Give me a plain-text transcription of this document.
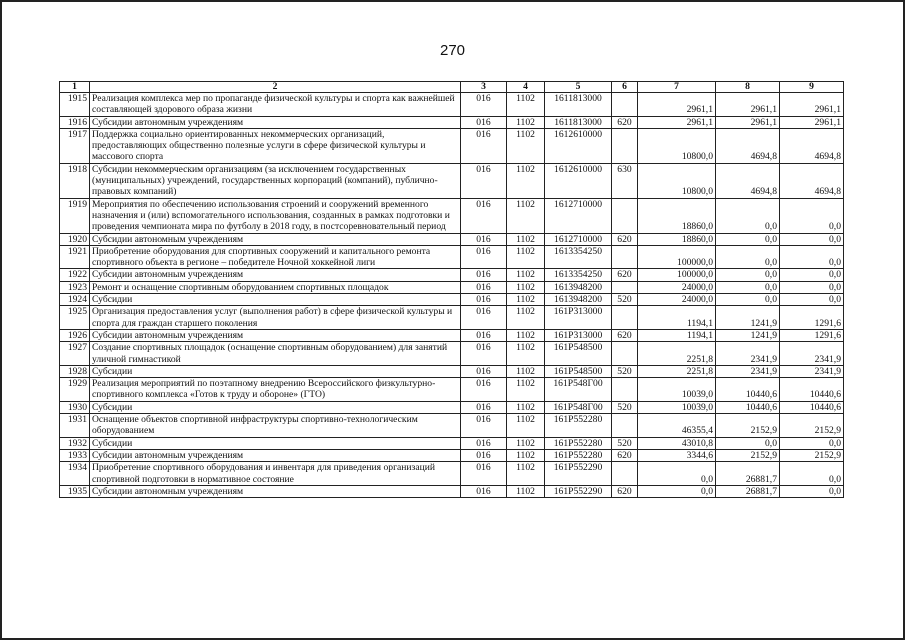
270
1	2	3	4	5	6	7	8	9
1915	Реализация комплекса мер по пропаганде физической культуры и спорта как важнейшей составляющей здорового образа жизни	016	1102	1611813000		2961,1	2961,1	2961,1
1916	Субсидии автономным учреждениям	016	1102	1611813000	620	2961,1	2961,1	2961,1
1917	Поддержка социально ориентированных некоммерческих организаций, предоставляющих общественно полезные услуги в сфере физической культуры и массового спорта	016	1102	1612610000		10800,0	4694,8	4694,8
1918	Субсидии некоммерческим организациям (за исключением государственных (муниципальных) учреждений, государственных корпораций (компаний), публично-правовых компаний)	016	1102	1612610000	630	10800,0	4694,8	4694,8
1919	Мероприятия по обеспечению использования строений и сооружений временного назначения и (или) вспомогательного использования, созданных в рамках подготовки и проведения чемпионата мира по футболу в 2018 году, в постсоревновательный период	016	1102	1612710000		18860,0	0,0	0,0
1920	Субсидии автономным учреждениям	016	1102	1612710000	620	18860,0	0,0	0,0
1921	Приобретение оборудования для спортивных сооружений и капитального ремонта спортивного объекта в регионе – победителе Ночной хоккейной лиги	016	1102	1613354250		100000,0	0,0	0,0
1922	Субсидии автономным учреждениям	016	1102	1613354250	620	100000,0	0,0	0,0
1923	Ремонт и оснащение спортивным оборудованием спортивных площадок	016	1102	1613948200		24000,0	0,0	0,0
1924	Субсидии	016	1102	1613948200	520	24000,0	0,0	0,0
1925	Организация предоставления услуг (выполнения работ) в сфере физической культуры и спорта для граждан старшего поколения	016	1102	161P313000		1194,1	1241,9	1291,6
1926	Субсидии автономным учреждениям	016	1102	161P313000	620	1194,1	1241,9	1291,6
1927	Создание спортивных площадок (оснащение спортивным оборудованием) для занятий уличной гимнастикой	016	1102	161P548500		2251,8	2341,9	2341,9
1928	Субсидии	016	1102	161P548500	520	2251,8	2341,9	2341,9
1929	Реализация мероприятий по поэтапному внедрению Всероссийского физкультурно-спортивного комплекса «Готов к труду и обороне» (ГТО)	016	1102	161P548Г00		10039,0	10440,6	10440,6
1930	Субсидии	016	1102	161P548Г00	520	10039,0	10440,6	10440,6
1931	Оснащение объектов спортивной инфраструктуры спортивно-технологическим оборудованием	016	1102	161P552280		46355,4	2152,9	2152,9
1932	Субсидии	016	1102	161P552280	520	43010,8	0,0	0,0
1933	Субсидии автономным учреждениям	016	1102	161P552280	620	3344,6	2152,9	2152,9
1934	Приобретение спортивного оборудования и инвентаря для приведения организаций спортивной подготовки в нормативное состояние	016	1102	161P552290		0,0	26881,7	0,0
1935	Субсидии автономным учреждениям	016	1102	161P552290	620	0,0	26881,7	0,0
